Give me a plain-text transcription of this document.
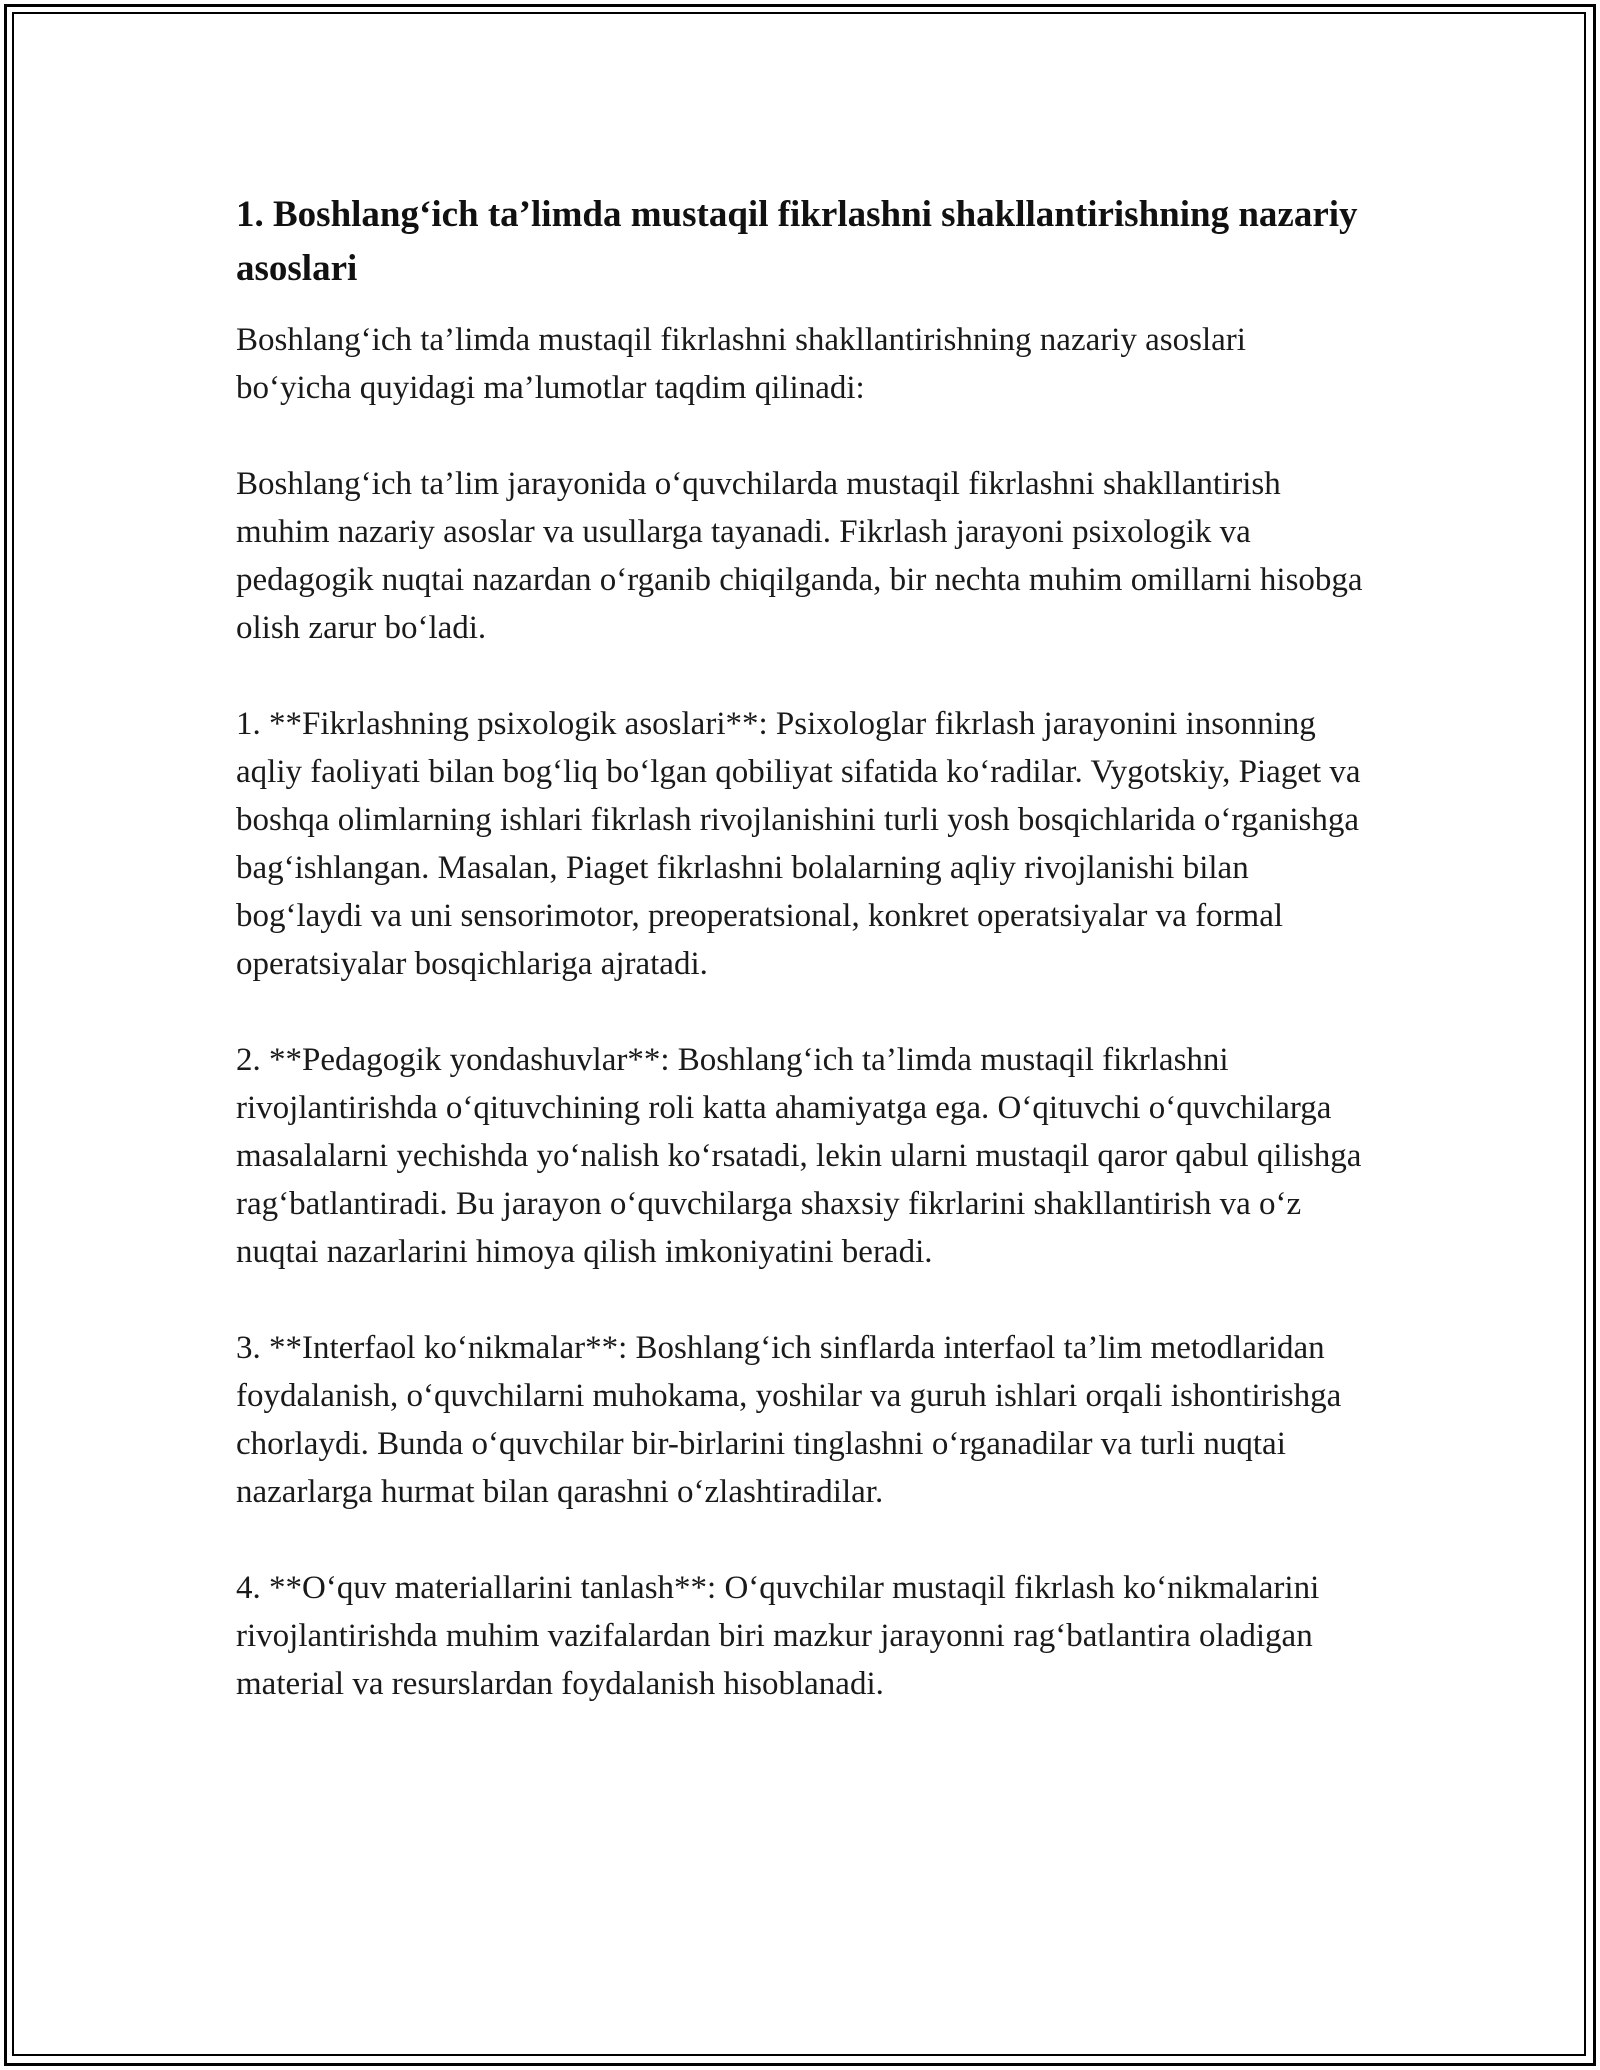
1. Boshlang‘ich ta’limda mustaqil fikrlashni shakllantirishning nazariy asoslari

Boshlang‘ich ta’limda mustaqil fikrlashni shakllantirishning nazariy asoslari bo‘yicha quyidagi ma’lumotlar taqdim qilinadi:

Boshlang‘ich ta’lim jarayonida o‘quvchilarda mustaqil fikrlashni shakllantirish muhim nazariy asoslar va usullarga tayanadi. Fikrlash jarayoni psixologik va pedagogik nuqtai nazardan o‘rganib chiqilganda, bir nechta muhim omillarni hisobga olish zarur bo‘ladi.

1. **Fikrlashning psixologik asoslari**: Psixologlar fikrlash jarayonini insonning aqliy faoliyati bilan bog‘liq bo‘lgan qobiliyat sifatida ko‘radilar. Vygotskiy, Piaget va boshqa olimlarning ishlari fikrlash rivojlanishini turli yosh bosqichlarida o‘rganishga bag‘ishlangan. Masalan, Piaget fikrlashni bolalarning aqliy rivojlanishi bilan bog‘laydi va uni sensorimotor, preoperatsional, konkret operatsiyalar va formal operatsiyalar bosqichlariga ajratadi.

2. **Pedagogik yondashuvlar**: Boshlang‘ich ta’limda mustaqil fikrlashni rivojlantirishda o‘qituvchining roli katta ahamiyatga ega. O‘qituvchi o‘quvchilarga masalalarni yechishda yo‘nalish ko‘rsatadi, lekin ularni mustaqil qaror qabul qilishga rag‘batlantiradi. Bu jarayon o‘quvchilarga shaxsiy fikrlarini shakllantirish va o‘z nuqtai nazarlarini himoya qilish imkoniyatini beradi.

3. **Interfaol ko‘nikmalar**: Boshlang‘ich sinflarda interfaol ta’lim metodlaridan foydalanish, o‘quvchilarni muhokama, yoshilar va guruh ishlari orqali ishontirishga chorlaydi. Bunda o‘quvchilar bir-birlarini tinglashni o‘rganadilar va turli nuqtai nazarlarga hurmat bilan qarashni o‘zlashtiradilar.

4. **O‘quv materiallarini tanlash**: O‘quvchilar mustaqil fikrlash ko‘nikmalarini rivojlantirishda muhim vazifalardan biri mazkur jarayonni rag‘batlantira oladigan material va resurslardan foydalanish hisoblanadi.
